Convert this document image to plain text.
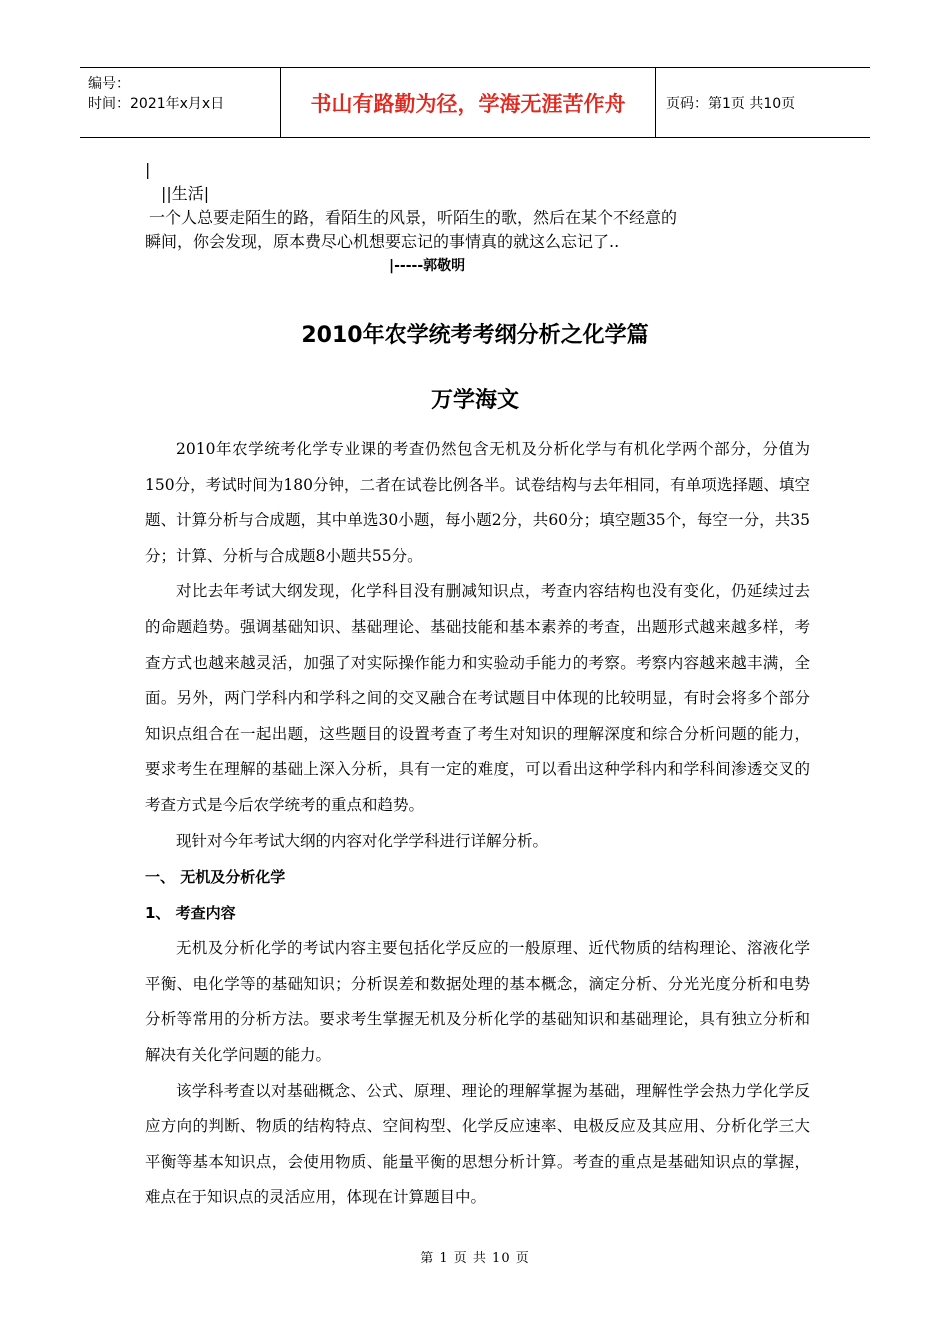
编号：
时间：2021年x月x日	书山有路勤为径，学海无涯苦作舟	页码：第1页 共10页
|
||生活|
一个人总要走陌生的路，看陌生的风景，听陌生的歌，然后在某个不经意的
瞬间，你会发现，原本费尽心机想要忘记的事情真的就这么忘记了..
|-----郭敬明
2010年农学统考考纲分析之化学篇
万学海文

2010年农学统考化学专业课的考查仍然包含无机及分析化学与有机化学两个部分，分值为150分，考试时间为180分钟，二者在试卷比例各半。试卷结构与去年相同，有单项选择题、填空题、计算分析与合成题，其中单选30小题，每小题2分，共60分；填空题35个，每空一分，共35分；计算、分析与合成题8小题共55分。

对比去年考试大纲发现，化学科目没有删减知识点，考查内容结构也没有变化，仍延续过去的命题趋势。强调基础知识、基础理论、基础技能和基本素养的考查，出题形式越来越多样，考查方式也越来越灵活，加强了对实际操作能力和实验动手能力的考察。考察内容越来越丰满，全面。另外，两门学科内和学科之间的交叉融合在考试题目中体现的比较明显，有时会将多个部分知识点组合在一起出题，这些题目的设置考查了考生对知识的理解深度和综合分析问题的能力，要求考生在理解的基础上深入分析，具有一定的难度，可以看出这种学科内和学科间渗透交叉的考查方式是今后农学统考的重点和趋势。

现针对今年考试大纲的内容对化学学科进行详解分析。

一、 无机及分析化学
1、 考查内容

无机及分析化学的考试内容主要包括化学反应的一般原理、近代物质的结构理论、溶液化学平衡、电化学等的基础知识；分析误差和数据处理的基本概念，滴定分析、分光光度分析和电势分析等常用的分析方法。要求考生掌握无机及分析化学的基础知识和基础理论，具有独立分析和解决有关化学问题的能力。

该学科考查以对基础概念、公式、原理、理论的理解掌握为基础，理解性学会热力学化学反应方向的判断、物质的结构特点、空间构型、化学反应速率、电极反应及其应用、分析化学三大平衡等基本知识点，会使用物质、能量平衡的思想分析计算。考查的重点是基础知识点的掌握，难点在于知识点的灵活应用，体现在计算题目中。

第 1 页 共 10 页
